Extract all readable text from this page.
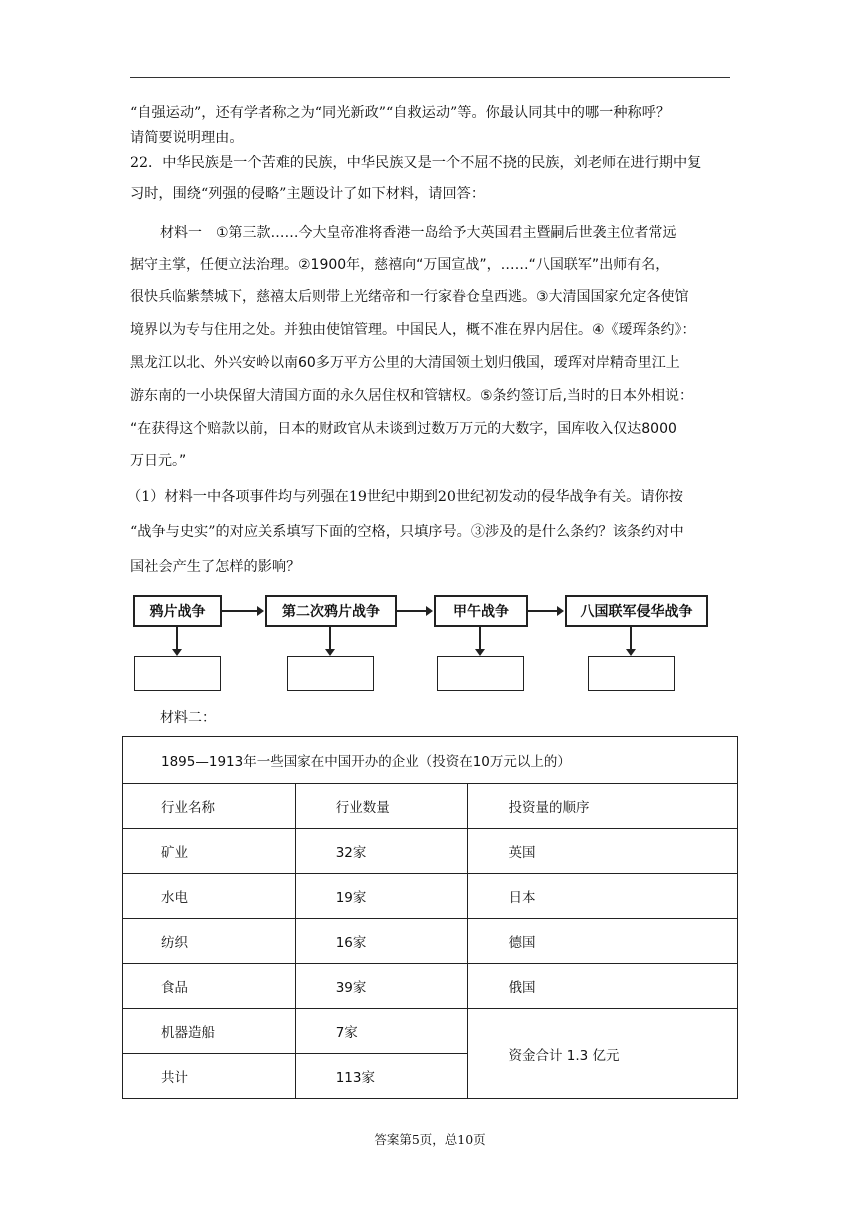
“自强运动”，还有学者称之为“同光新政”“自救运动”等。你最认同其中的哪一种称呼？
请简要说明理由。
22．中华民族是一个苦难的民族，中华民族又是一个不屈不挠的民族，刘老师在进行期中复
习时，围绕“列强的侵略”主题设计了如下材料，请回答：
材料一　①第三款……今大皇帝准将香港一岛给予大英国君主暨嗣后世袭主位者常远
据守主掌，任便立法治理。②1900年，慈禧向“万国宣战”，……“八国联军”出师有名，
很快兵临紫禁城下，慈禧太后则带上光绪帝和一行家眷仓皇西逃。③大清国国家允定各使馆
境界以为专与住用之处。并独由使馆管理。中国民人，概不准在界内居住。④《瑷珲条约》：
黑龙江以北、外兴安岭以南60多万平方公里的大清国领土划归俄国，瑷珲对岸精奇里江上
游东南的一小块保留大清国方面的永久居住权和管辖权。⑤条约签订后,当时的日本外相说：
“在获得这个赔款以前，日本的财政官从未谈到过数万万元的大数字，国库收入仅达8000
万日元。”
（1）材料一中各项事件均与列强在19世纪中期到20世纪初发动的侵华战争有关。请你按
“战争与史实”的对应关系填写下面的空格，只填序号。③涉及的是什么条约？该条约对中
国社会产生了怎样的影响？
鸦片战争	第二次鸦片战争	甲午战争	八国联军侵华战争
材料二：
1895—1913年一些国家在中国开办的企业（投资在10万元以上的）		
行业名称	行业数量	投资量的顺序
矿业	32家	英国
水电	19家	日本
纺织	16家	德国
食品	39家	俄国
机器造船	7家	资金合计 1.3 亿元
共计	113家	
答案第5页，总10页
